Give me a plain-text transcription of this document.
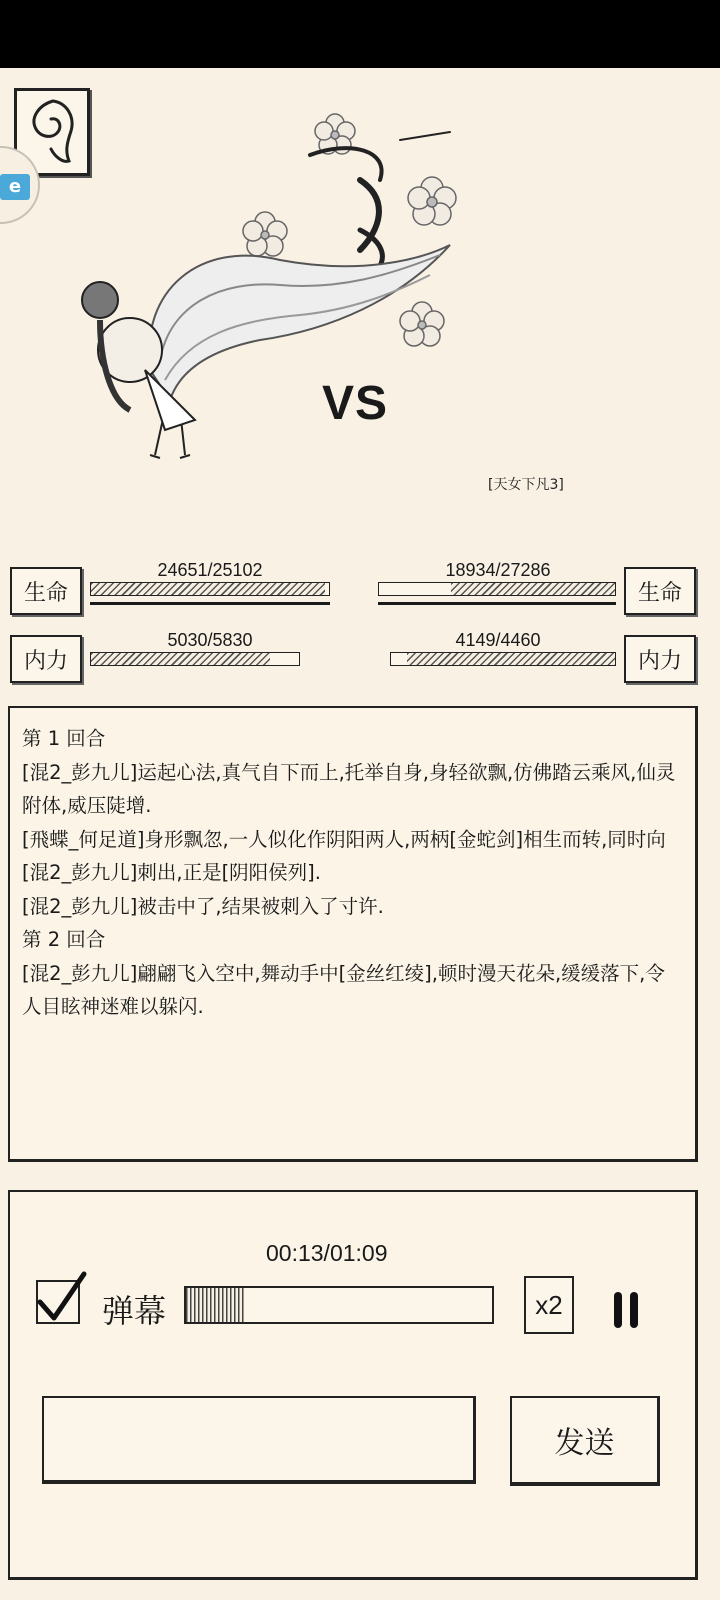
e
VS
[天女下凡3]
生命
24651/25102	18934/27286
生命
内力
5030/5830	4149/4460
内力

第 1 回合

[混2_彭九儿]运起心法,真气自下而上,托举自身,身轻欲飘,仿佛踏云乘风,仙灵附体,威压陡增.

[飛蝶_何足道]身形飘忽,一人似化作阴阳两人,两柄[金蛇剑]相生而转,同时向[混2_彭九儿]刺出,正是[阴阳侯列].

[混2_彭九儿]被击中了,结果被刺入了寸许.

第 2 回合

[混2_彭九儿]翩翩飞入空中,舞动手中[金丝红绫],顿时漫天花朵,缓缓落下,令人目眩神迷难以躲闪.

00:13/01:09
弹幕	x2
发送
